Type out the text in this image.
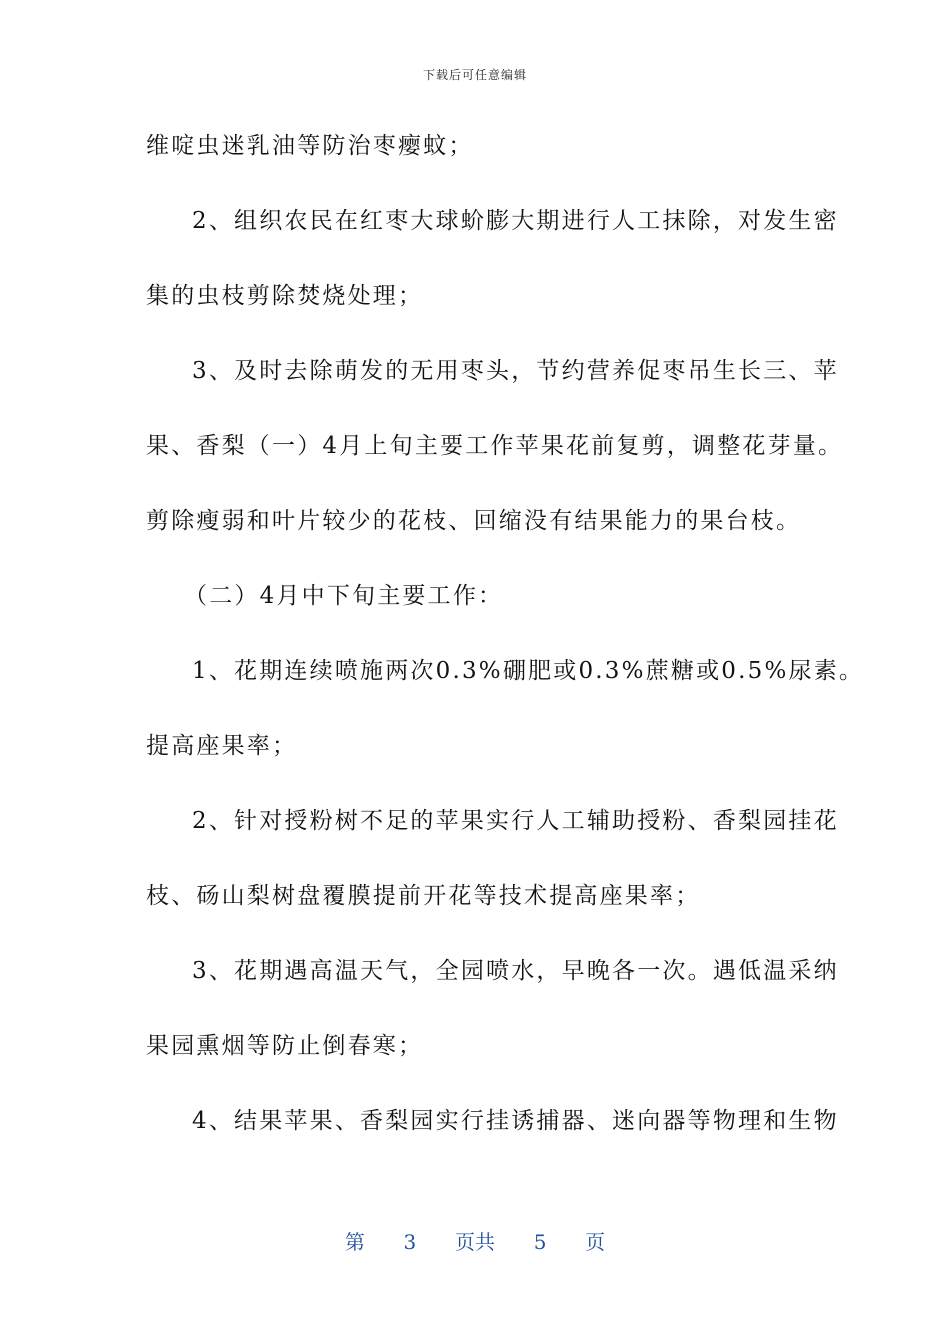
下载后可任意编辑
维啶虫迷乳油等防治枣瘿蚊；
2、组织农民在红枣大球蚧膨大期进行人工抹除，对发生密
集的虫枝剪除焚烧处理；
3、及时去除萌发的无用枣头，节约营养促枣吊生长三、苹
果、香梨（一）4月上旬主要工作苹果花前复剪，调整花芽量。
剪除瘦弱和叶片较少的花枝、回缩没有结果能力的果台枝。
（二）4月中下旬主要工作：
1、花期连续喷施两次0.3%硼肥或0.3%蔗糖或0.5%尿素。
提高座果率；
2、针对授粉树不足的苹果实行人工辅助授粉、香梨园挂花
枝、砀山梨树盘覆膜提前开花等技术提高座果率；
3、花期遇高温天气，全园喷水，早晚各一次。遇低温采纳
果园熏烟等防止倒春寒；
4、结果苹果、香梨园实行挂诱捕器、迷向器等物理和生物
第 3 页共 5 页
